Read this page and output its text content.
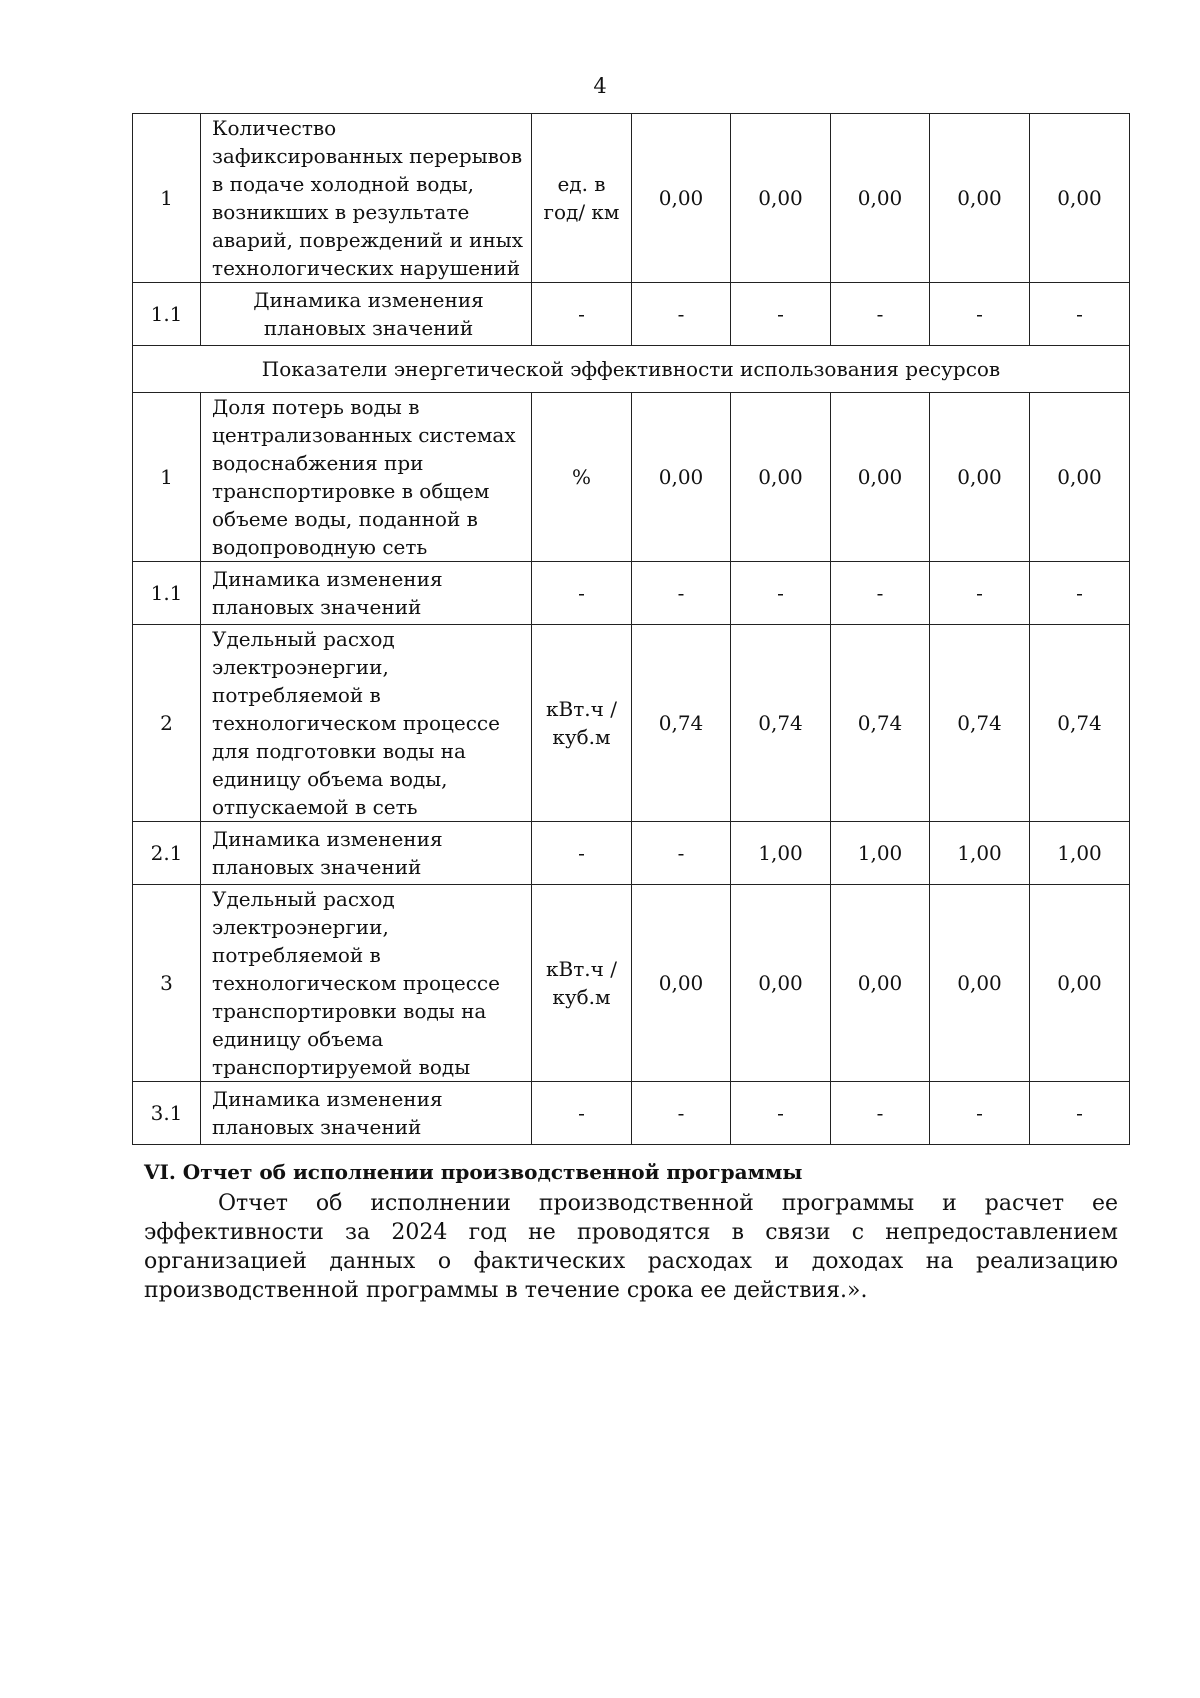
4
1	Количество зафиксированных перерывов в подаче холодной воды, возникших в результате аварий, повреждений и иных технологических нарушений	ед. в год/ км	0,00	0,00	0,00	0,00	0,00
1.1	Динамика изменения плановых значений	-	-	-	-	-	-
Показатели энергетической эффективности использования ресурсов							
1	Доля потерь воды в централизованных системах водоснабжения при транспортировке в общем объеме воды, поданной в водопроводную сеть	%	0,00	0,00	0,00	0,00	0,00
1.1	Динамика изменения плановых значений	-	-	-	-	-	-
2	Удельный расход электроэнергии, потребляемой в технологическом процессе для подготовки воды на единицу объема воды, отпускаемой в сеть	кВт.ч / куб.м	0,74	0,74	0,74	0,74	0,74
2.1	Динамика изменения плановых значений	-	-	1,00	1,00	1,00	1,00
3	Удельный расход электроэнергии, потребляемой в технологическом процессе транспортировки воды на единицу объема транспортируемой воды	кВт.ч / куб.м	0,00	0,00	0,00	0,00	0,00
3.1	Динамика изменения плановых значений	-	-	-	-	-	-
VI. Отчет об исполнении производственной программы
Отчет об исполнении производственной программы и расчет ее эффективности за 2024 год не проводятся в связи с непредоставлением организацией данных о фактических расходах и доходах на реализацию производственной программы в течение срока ее действия.».
